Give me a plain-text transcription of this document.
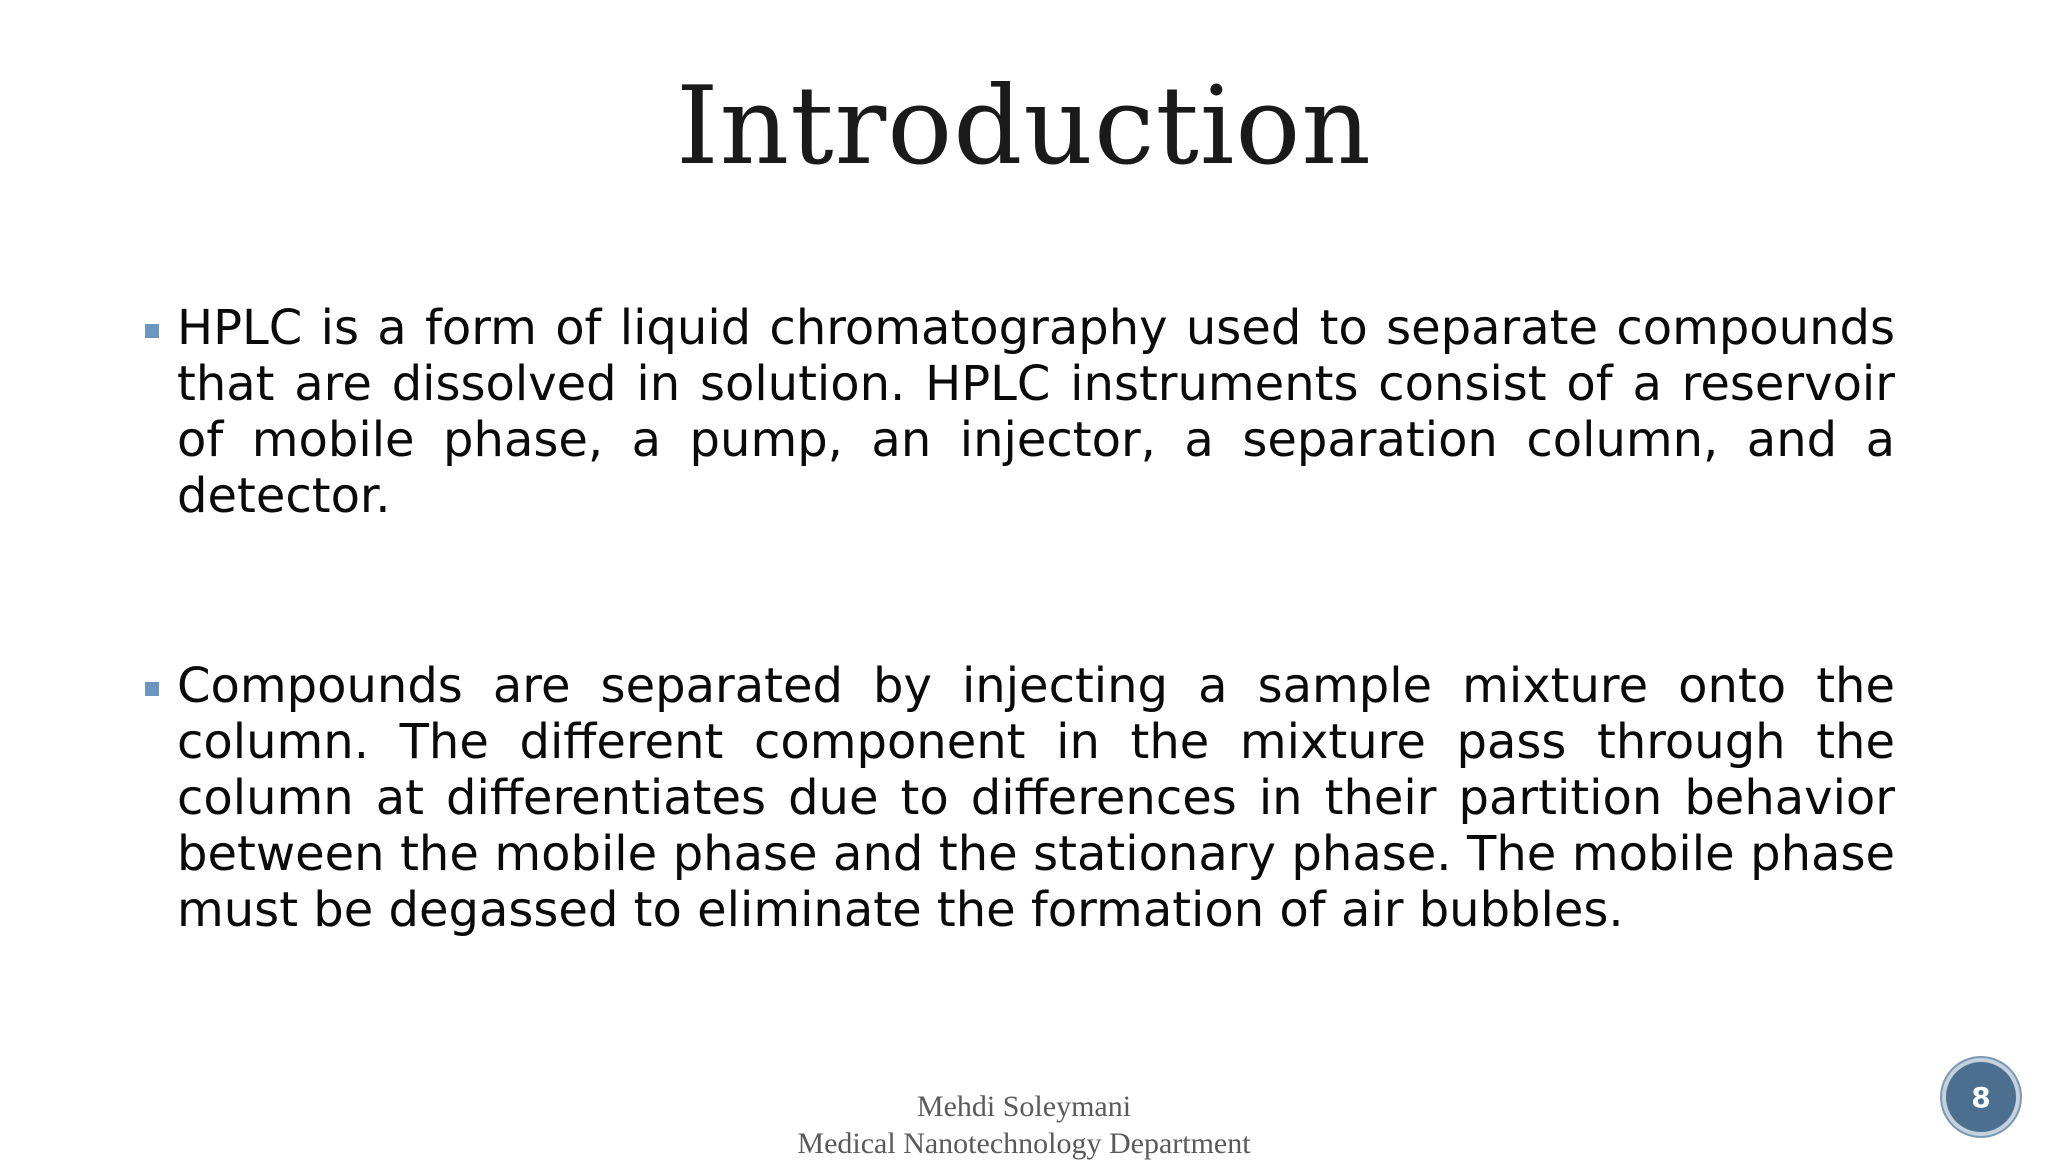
Introduction
HPLC is a form of liquid chromatography used to separate compounds that are dissolved in solution. HPLC instruments consist of a reservoir of mobile phase, a pump, an injector, a separation column, and a detector.
Compounds are separated by injecting a sample mixture onto the column. The different component in the mixture pass through the column at differentiates due to differences in their partition behavior between the mobile phase and the stationary phase. The mobile phase must be degassed to eliminate the formation of air bubbles.
Mehdi Soleymani
Medical Nanotechnology Department
8
